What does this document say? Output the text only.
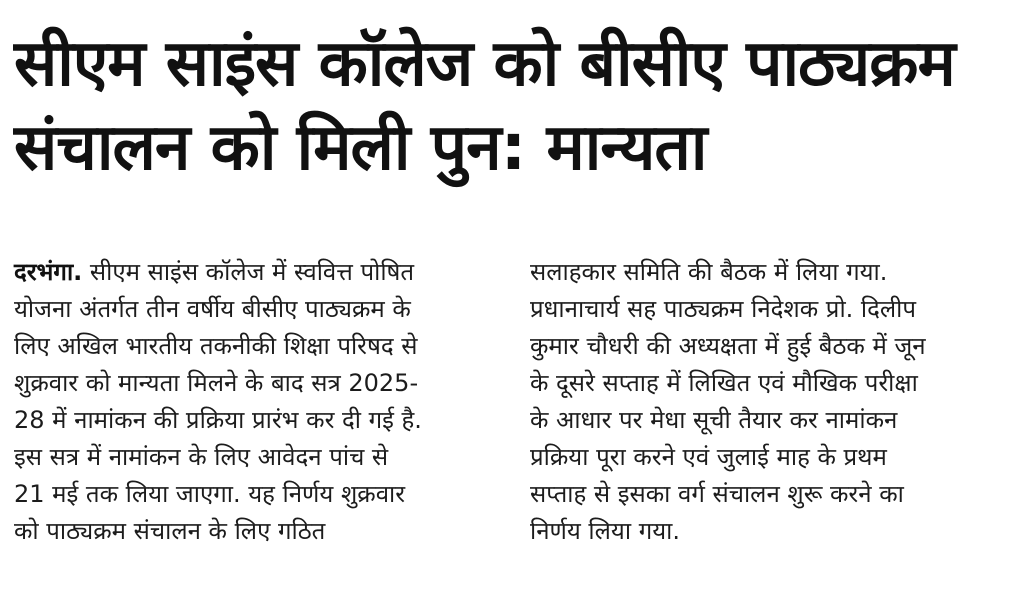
सीएम साइंस कॉलेज को बीसीए पाठ्यक्रम
संचालन को मिली पुन: मान्यता
दरभंगा. सीएम साइंस कॉलेज में स्ववित्त पोषित
योजना अंतर्गत तीन वर्षीय बीसीए पाठ्यक्रम के
लिए अखिल भारतीय तकनीकी शिक्षा परिषद से
शुक्रवार को मान्यता मिलने के बाद सत्र 2025-
28 में नामांकन की प्रक्रिया प्रारंभ कर दी गई है.
इस सत्र में नामांकन के लिए आवेदन पांच से
21 मई तक लिया जाएगा. यह निर्णय शुक्रवार
को पाठ्यक्रम संचालन के लिए गठित
सलाहकार समिति की बैठक में लिया गया.
प्रधानाचार्य सह पाठ्यक्रम निदेशक प्रो. दिलीप
कुमार चौधरी की अध्यक्षता में हुई बैठक में जून
के दूसरे सप्ताह में लिखित एवं मौखिक परीक्षा
के आधार पर मेधा सूची तैयार कर नामांकन
प्रक्रिया पूरा करने एवं जुलाई माह के प्रथम
सप्ताह से इसका वर्ग संचालन शुरू करने का
निर्णय लिया गया.
